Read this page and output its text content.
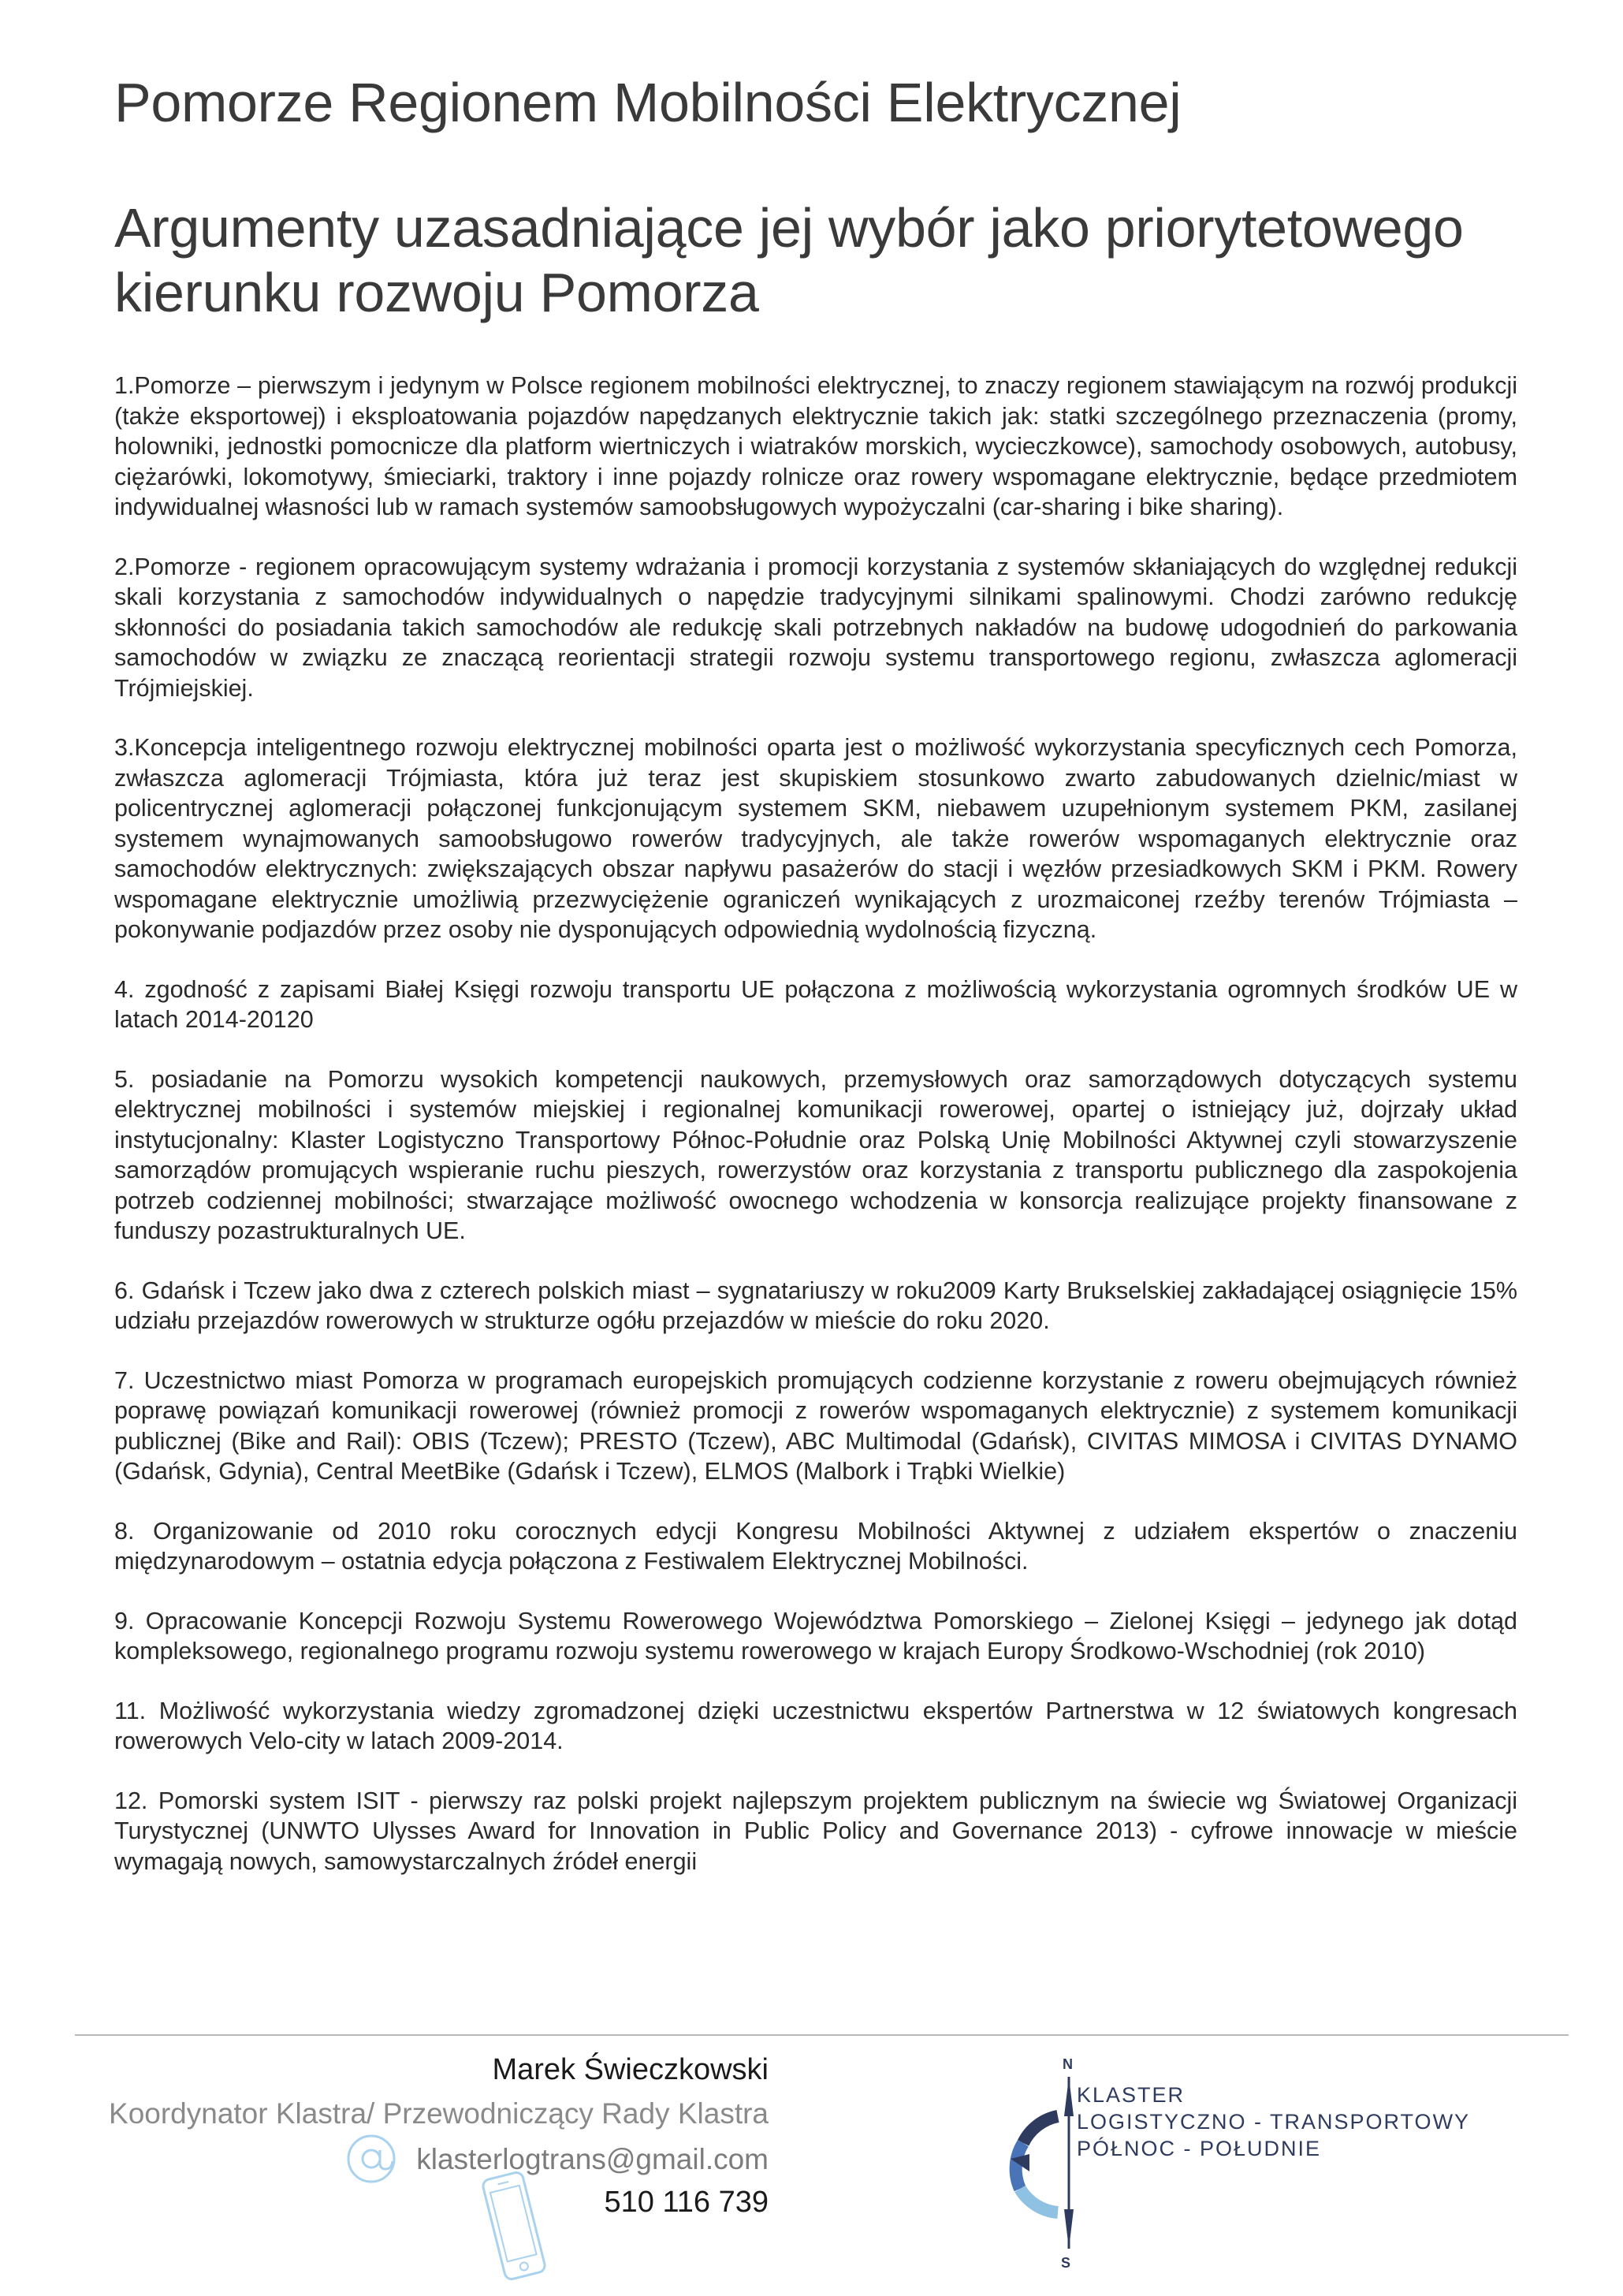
Pomorze Regionem Mobilności Elektrycznej
Argumenty uzasadniające jej wybór jako priorytetowego kierunku rozwoju Pomorza

1.Pomorze – pierwszym i jedynym w Polsce regionem mobilności elektrycznej, to znaczy regionem stawiającym na rozwój produkcji (także eksportowej) i eksploatowania pojazdów napędzanych elektrycznie takich jak: statki szczególnego przeznaczenia (promy, holowniki, jednostki pomocnicze dla platform wiertniczych i wiatraków morskich, wycieczkowce), samochody osobowych, autobusy, ciężarówki, lokomotywy, śmieciarki, traktory i inne pojazdy rolnicze oraz rowery wspomagane elektrycznie, będące przedmiotem indywidualnej własności lub w ramach systemów samoobsługowych wypożyczalni (car-sharing i bike sharing).

2.Pomorze - regionem opracowującym systemy wdrażania i promocji korzystania z systemów skłaniających do względnej redukcji skali korzystania z samochodów indywidualnych o napędzie tradycyjnymi silnikami spalinowymi. Chodzi zarówno redukcję skłonności do posiadania takich samochodów ale redukcję skali potrzebnych nakładów na budowę udogodnień do parkowania samochodów w związku ze znaczącą reorientacji strategii rozwoju systemu transportowego regionu, zwłaszcza aglomeracji Trójmiejskiej.

3.Koncepcja inteligentnego rozwoju elektrycznej mobilności oparta jest o możliwość wykorzystania specyficznych cech Pomorza, zwłaszcza aglomeracji Trójmiasta, która już teraz jest skupiskiem stosunkowo zwarto zabudowanych dzielnic/miast w policentrycznej aglomeracji połączonej funkcjonującym systemem SKM, niebawem uzupełnionym systemem PKM, zasilanej systemem wynajmowanych samoobsługowo rowerów tradycyjnych, ale także rowerów wspomaganych elektrycznie oraz samochodów elektrycznych: zwiększających obszar napływu pasażerów do stacji i węzłów przesiadkowych SKM i PKM. Rowery wspomagane elektrycznie umożliwią przezwyciężenie ograniczeń wynikających z urozmaiconej rzeźby terenów Trójmiasta – pokonywanie podjazdów przez osoby nie dysponujących odpowiednią wydolnością fizyczną.

4. zgodność z zapisami Białej Księgi rozwoju transportu UE połączona z możliwością wykorzystania ogromnych środków UE w latach 2014-20120

5. posiadanie na Pomorzu wysokich kompetencji naukowych, przemysłowych oraz samorządowych dotyczących systemu elektrycznej mobilności i systemów miejskiej i regionalnej komunikacji rowerowej, opartej o istniejący już, dojrzały układ instytucjonalny: Klaster Logistyczno Transportowy Północ-Południe oraz Polską Unię Mobilności Aktywnej czyli stowarzyszenie samorządów promujących wspieranie ruchu pieszych, rowerzystów oraz korzystania z transportu publicznego dla zaspokojenia potrzeb codziennej mobilności; stwarzające możliwość owocnego wchodzenia w konsorcja realizujące projekty finansowane z funduszy pozastrukturalnych UE.

6. Gdańsk i Tczew jako dwa z czterech polskich miast – sygnatariuszy w roku2009 Karty Brukselskiej zakładającej osiągnięcie 15% udziału przejazdów rowerowych w strukturze ogółu przejazdów w mieście do roku 2020.

7. Uczestnictwo miast Pomorza w programach europejskich promujących codzienne korzystanie z roweru obejmujących również poprawę powiązań komunikacji rowerowej (również promocji z rowerów wspomaganych elektrycznie) z systemem komunikacji publicznej (Bike and Rail): OBIS (Tczew); PRESTO (Tczew), ABC Multimodal (Gdańsk), CIVITAS MIMOSA i CIVITAS DYNAMO (Gdańsk, Gdynia), Central MeetBike (Gdańsk i Tczew), ELMOS (Malbork i Trąbki Wielkie)

8. Organizowanie od 2010 roku corocznych edycji Kongresu Mobilności Aktywnej z udziałem ekspertów o znaczeniu międzynarodowym – ostatnia edycja połączona z Festiwalem Elektrycznej Mobilności.

9. Opracowanie Koncepcji Rozwoju Systemu Rowerowego Województwa Pomorskiego – Zielonej Księgi – jedynego jak dotąd kompleksowego, regionalnego programu rozwoju systemu rowerowego w krajach Europy Środkowo-Wschodniej (rok 2010)

11. Możliwość wykorzystania wiedzy zgromadzonej dzięki uczestnictwu ekspertów Partnerstwa w 12 światowych kongresach rowerowych Velo-city w latach 2009-2014.

12. Pomorski system ISIT - pierwszy raz polski projekt najlepszym projektem publicznym na świecie wg Światowej Organizacji Turystycznej (UNWTO Ulysses Award for Innovation in Public Policy and Governance 2013) - cyfrowe innowacje w mieście wymagają nowych, samowystarczalnych źródeł energii

Marek Świeczkowski
Koordynator Klastra/ Przewodniczący Rady Klastra
klasterlogtrans@gmail.com
510 116 739
N
S
KLASTER
LOGISTYCZNO - TRANSPORTOWY
PÓŁNOC - POŁUDNIE
